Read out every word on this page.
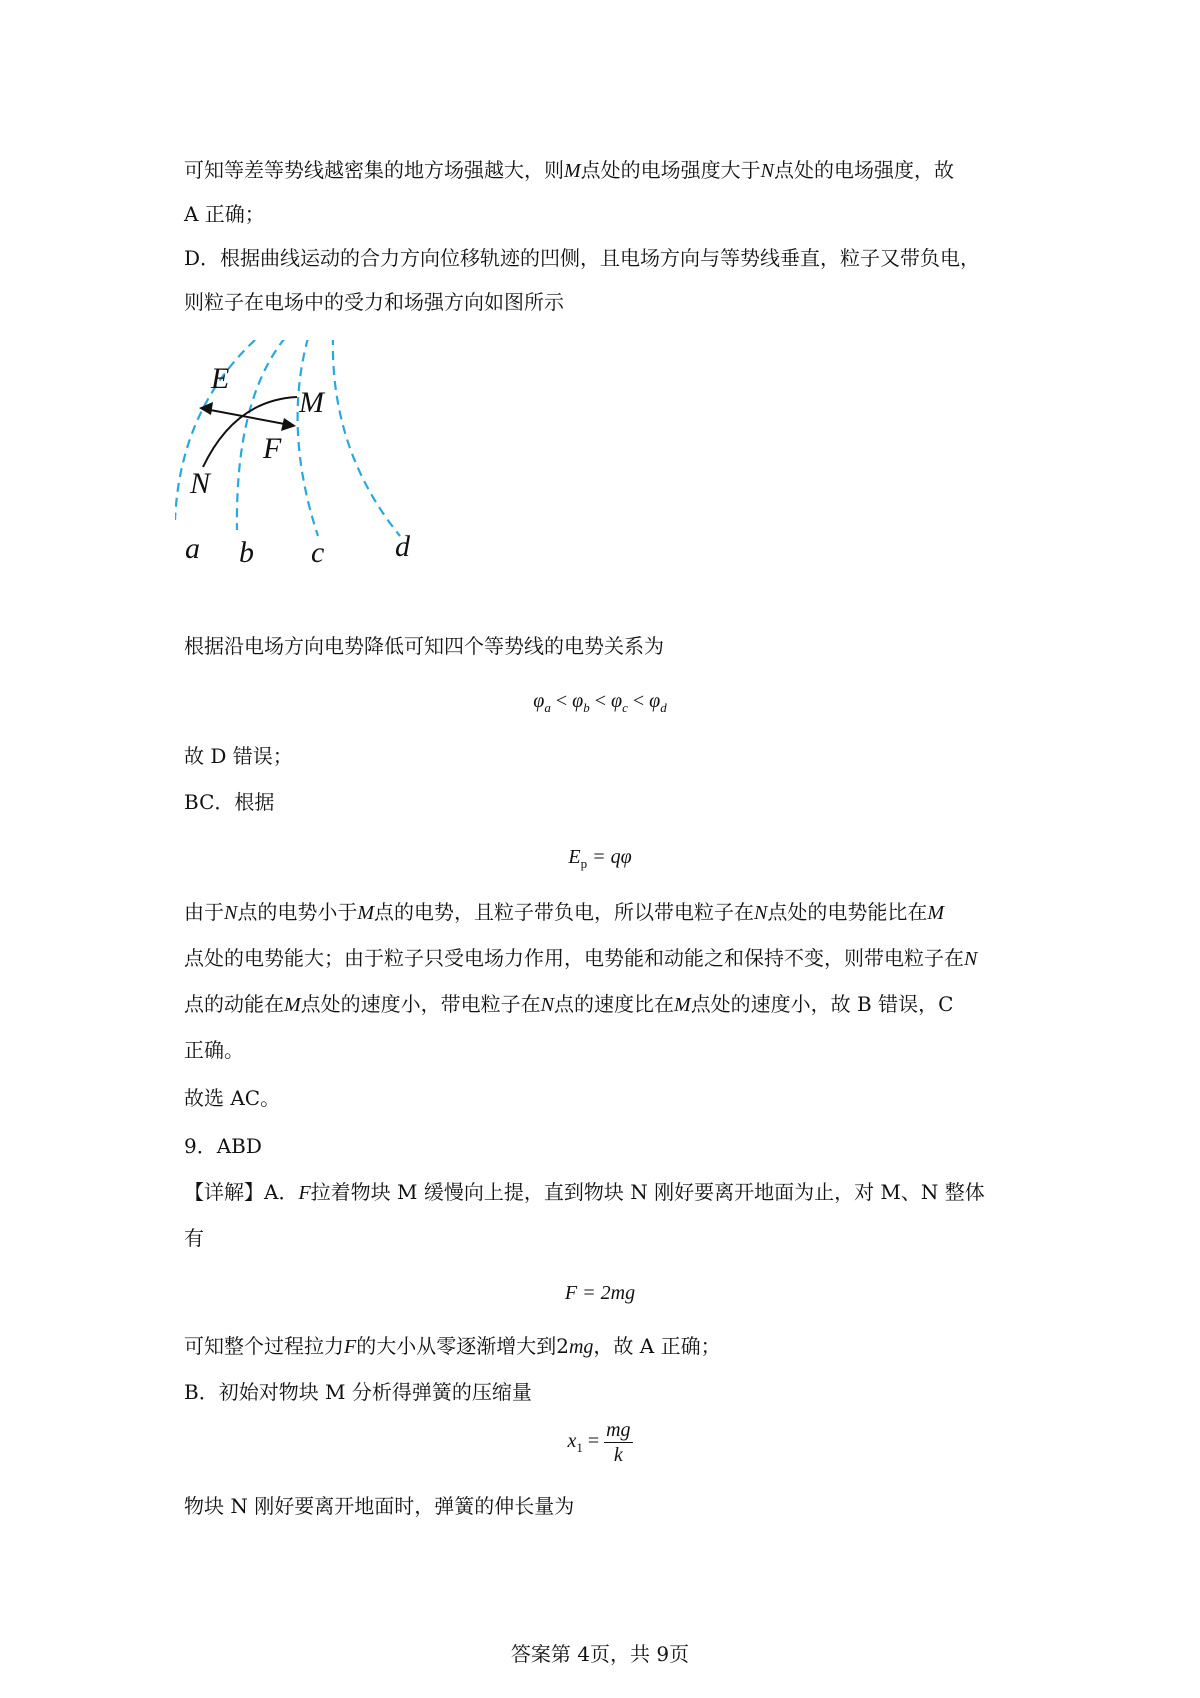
可知等差等势线越密集的地方场强越大，则M点处的电场强度大于N点处的电场强度，故
A 正确；
D．根据曲线运动的合力方向位移轨迹的凹侧，且电场方向与等势线垂直，粒子又带负电，
则粒子在电场中的受力和场强方向如图所示
E
M
F
N
a b c d
根据沿电场方向电势降低可知四个等势线的电势关系为
$\varphi_a < \varphi_b < \varphi_c < \varphi_d$
故 D 错误；
BC．根据
$E_p = q\varphi$
由于N点的电势小于M点的电势，且粒子带负电，所以带电粒子在N点处的电势能比在M
点处的电势能大；由于粒子只受电场力作用，电势能和动能之和保持不变，则带电粒子在N
点的动能在M点处的速度小，带电粒子在N点的速度比在M点处的速度小，故 B 错误，C
正确。
故选 AC。
9．ABD
【详解】A．F拉着物块 M 缓慢向上提，直到物块 N 刚好要离开地面为止，对 M、N 整体
有
F = 2mg
可知整个过程拉力F的大小从零逐渐增大到2mg，故 A 正确；
B．初始对物块 M 分析得弹簧的压缩量
$x_1 = \frac{mg}{k}$
物块 N 刚好要离开地面时，弹簧的伸长量为
答案第 4页，共 9页
